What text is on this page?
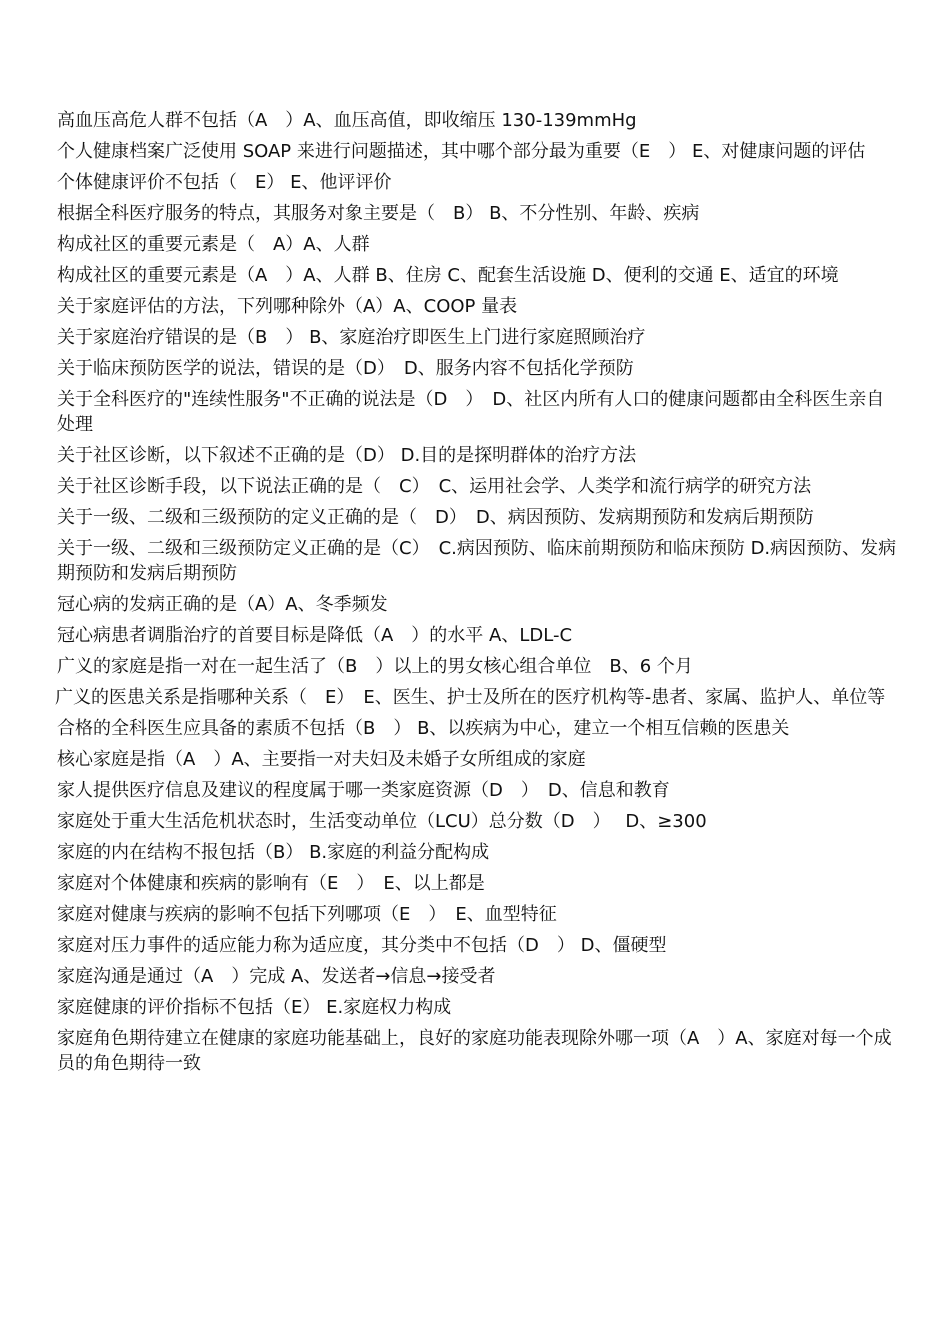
高血压高危人群不包括（A　）A、血压高值，即收缩压 130-139mmHg

个人健康档案广泛使用 SOAP 来进行问题描述，其中哪个部分最为重要（E　） E、对健康问题的评估

个体健康评价不包括（　E） E、他评评价

根据全科医疗服务的特点，其服务对象主要是（　B） B、不分性别、年龄、疾病

构成社区的重要元素是（　A）A、人群

构成社区的重要元素是（A　）A、人群 B、住房 C、配套生活设施 D、便利的交通 E、适宜的环境

关于家庭评估的方法，下列哪种除外（A）A、COOP 量表

关于家庭治疗错误的是（B　） B、家庭治疗即医生上门进行家庭照顾治疗

关于临床预防医学的说法，错误的是（D）　D、服务内容不包括化学预防

关于全科医疗的"连续性服务"不正确的说法是（D　）　D、社区内所有人口的健康问题都由全科医生亲自处理

关于社区诊断，以下叙述不正确的是（D） D.目的是探明群体的治疗方法

关于社区诊断手段，以下说法正确的是（　C）　C、运用社会学、人类学和流行病学的研究方法

关于一级、二级和三级预防的定义正确的是（　D）　D、病因预防、发病期预防和发病后期预防

关于一级、二级和三级预防定义正确的是（C）　C.病因预防、临床前期预防和临床预防 D.病因预防、发病期预防和发病后期预防

冠心病的发病正确的是（A）A、冬季频发

冠心病患者调脂治疗的首要目标是降低（A　）的水平 A、LDL-C

广义的家庭是指一对在一起生活了（B　）以上的男女核心组合单位　B、6 个月

广义的医患关系是指哪种关系（　E）　E、医生、护士及所在的医疗机构等-患者、家属、监护人、单位等

合格的全科医生应具备的素质不包括（B　） B、以疾病为中心，建立一个相互信赖的医患关

核心家庭是指（A　）A、主要指一对夫妇及未婚子女所组成的家庭

家人提供医疗信息及建议的程度属于哪一类家庭资源（D　）　D、信息和教育

家庭处于重大生活危机状态时，生活变动单位（LCU）总分数（D　）　 D、≥300

家庭的内在结构不报包括（B） B.家庭的利益分配构成

家庭对个体健康和疾病的影响有（E　）　E、以上都是

家庭对健康与疾病的影响不包括下列哪项（E　）　E、血型特征

家庭对压力事件的适应能力称为适应度，其分类中不包括（D　） D、僵硬型

家庭沟通是通过（A　）完成 A、发送者→信息→接受者

家庭健康的评价指标不包括（E） E.家庭权力构成

家庭角色期待建立在健康的家庭功能基础上，良好的家庭功能表现除外哪一项（A　）A、家庭对每一个成员的角色期待一致
